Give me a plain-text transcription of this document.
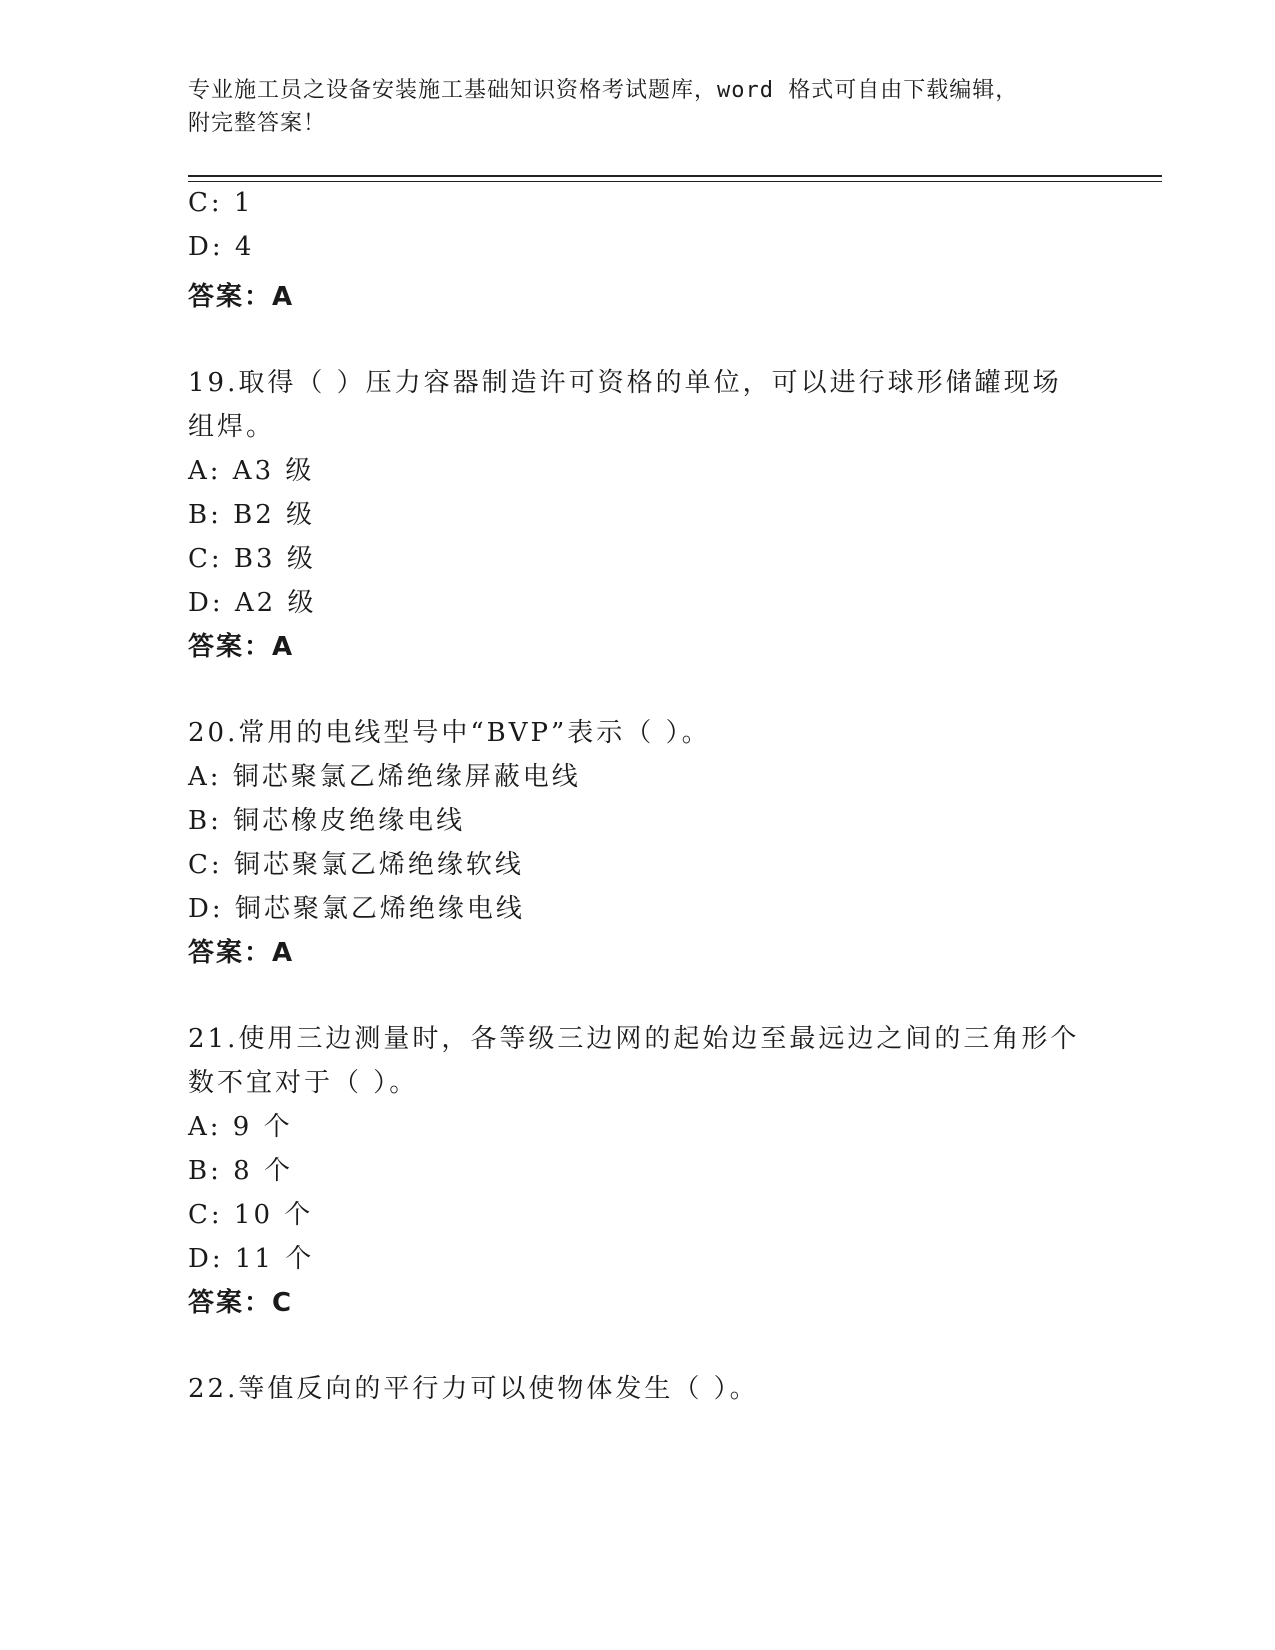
专业施工员之设备安装施工基础知识资格考试题库，word 格式可自由下载编辑，
附完整答案！
C: 1
D: 4
答案：A
19.取得（ ）压力容器制造许可资格的单位，可以进行球形储罐现场
组焊。
A: A3 级
B: B2 级
C: B3 级
D: A2 级
答案：A
20.常用的电线型号中“BVP”表示（ ）。
A: 铜芯聚氯乙烯绝缘屏蔽电线
B: 铜芯橡皮绝缘电线
C: 铜芯聚氯乙烯绝缘软线
D: 铜芯聚氯乙烯绝缘电线
答案：A
21.使用三边测量时，各等级三边网的起始边至最远边之间的三角形个
数不宜对于（ ）。
A: 9 个
B: 8 个
C: 10 个
D: 11 个
答案：C
22.等值反向的平行力可以使物体发生（ ）。
